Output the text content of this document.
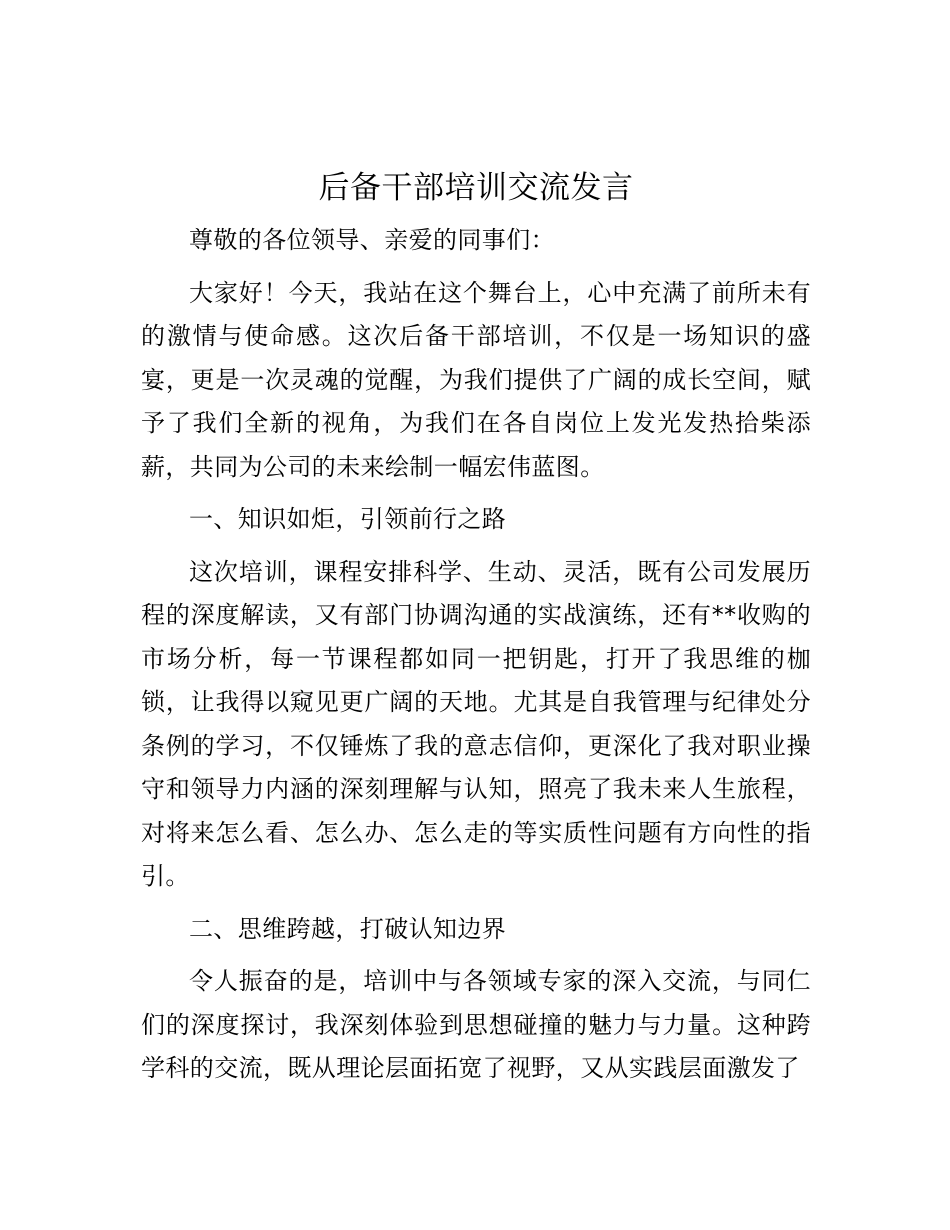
后备干部培训交流发言

尊敬的各位领导、亲爱的同事们：

大家好！今天，我站在这个舞台上，心中充满了前所未有的激情与使命感。这次后备干部培训，不仅是一场知识的盛宴，更是一次灵魂的觉醒，为我们提供了广阔的成长空间，赋予了我们全新的视角，为我们在各自岗位上发光发热拾柴添薪，共同为公司的未来绘制一幅宏伟蓝图。

一、知识如炬，引领前行之路

这次培训，课程安排科学、生动、灵活，既有公司发展历程的深度解读，又有部门协调沟通的实战演练，还有**收购的市场分析，每一节课程都如同一把钥匙，打开了我思维的枷锁，让我得以窥见更广阔的天地。尤其是自我管理与纪律处分条例的学习，不仅锤炼了我的意志信仰，更深化了我对职业操守和领导力内涵的深刻理解与认知，照亮了我未来人生旅程，对将来怎么看、怎么办、怎么走的等实质性问题有方向性的指引。

二、思维跨越，打破认知边界

令人振奋的是，培训中与各领域专家的深入交流，与同仁们的深度探讨，我深刻体验到思想碰撞的魅力与力量。这种跨学科的交流，既从理论层面拓宽了视野，又从实践层面激发了
